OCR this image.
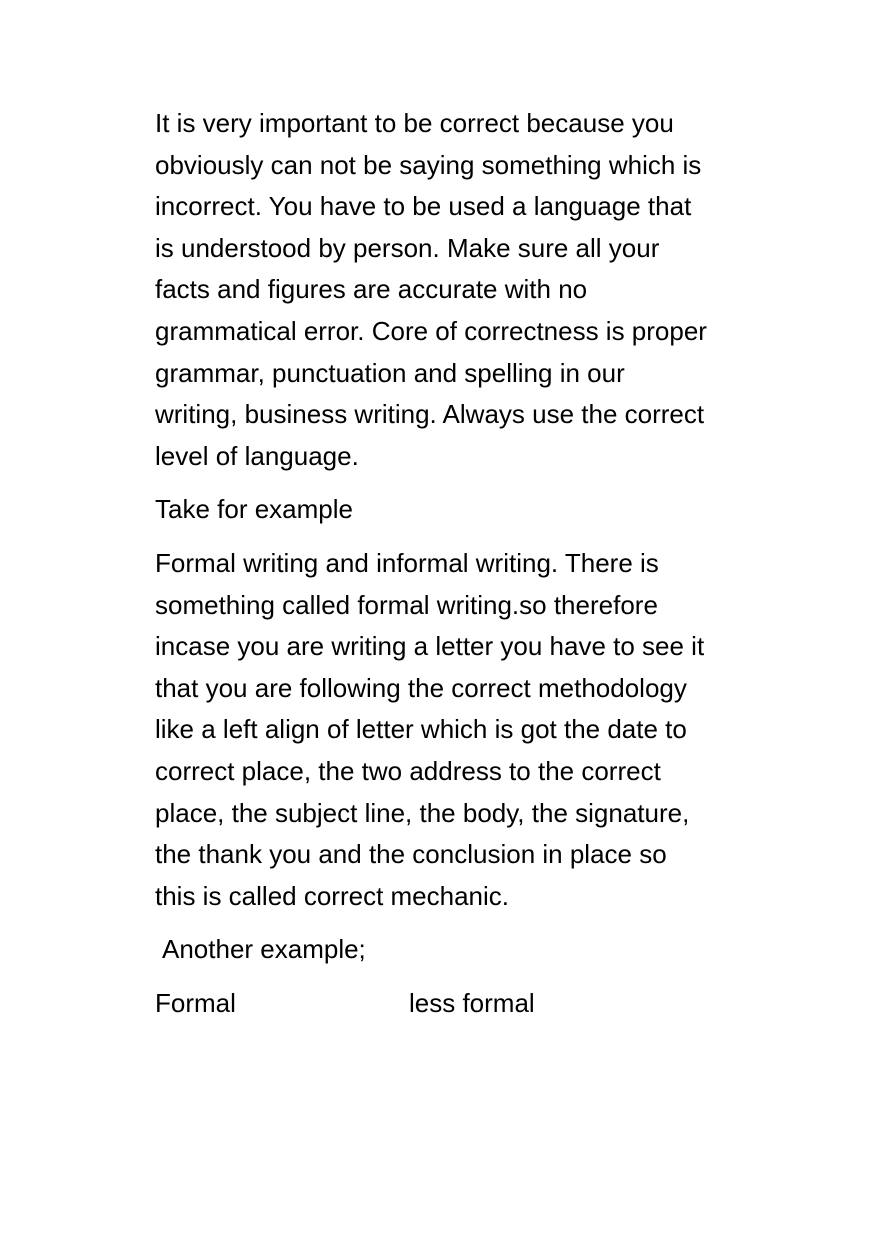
It is very important to be correct because you
obviously can not be saying something which is
incorrect. You have to be used a language that
is understood by person. Make sure all your
facts and figures are accurate with no
grammatical error. Core of correctness is proper
grammar, punctuation and spelling in our
writing, business writing. Always use the correct
level of language.

Take for example

Formal writing and informal writing. There is
something called formal writing.so therefore
incase you are writing a letter you have to see it
that you are following the correct methodology
like a left align of letter which is got the date to
correct place, the two address to the correct
place, the subject line, the body, the signature,
the thank you and the conclusion in place so
this is called correct mechanic.

Another example;

Formal	less formal
